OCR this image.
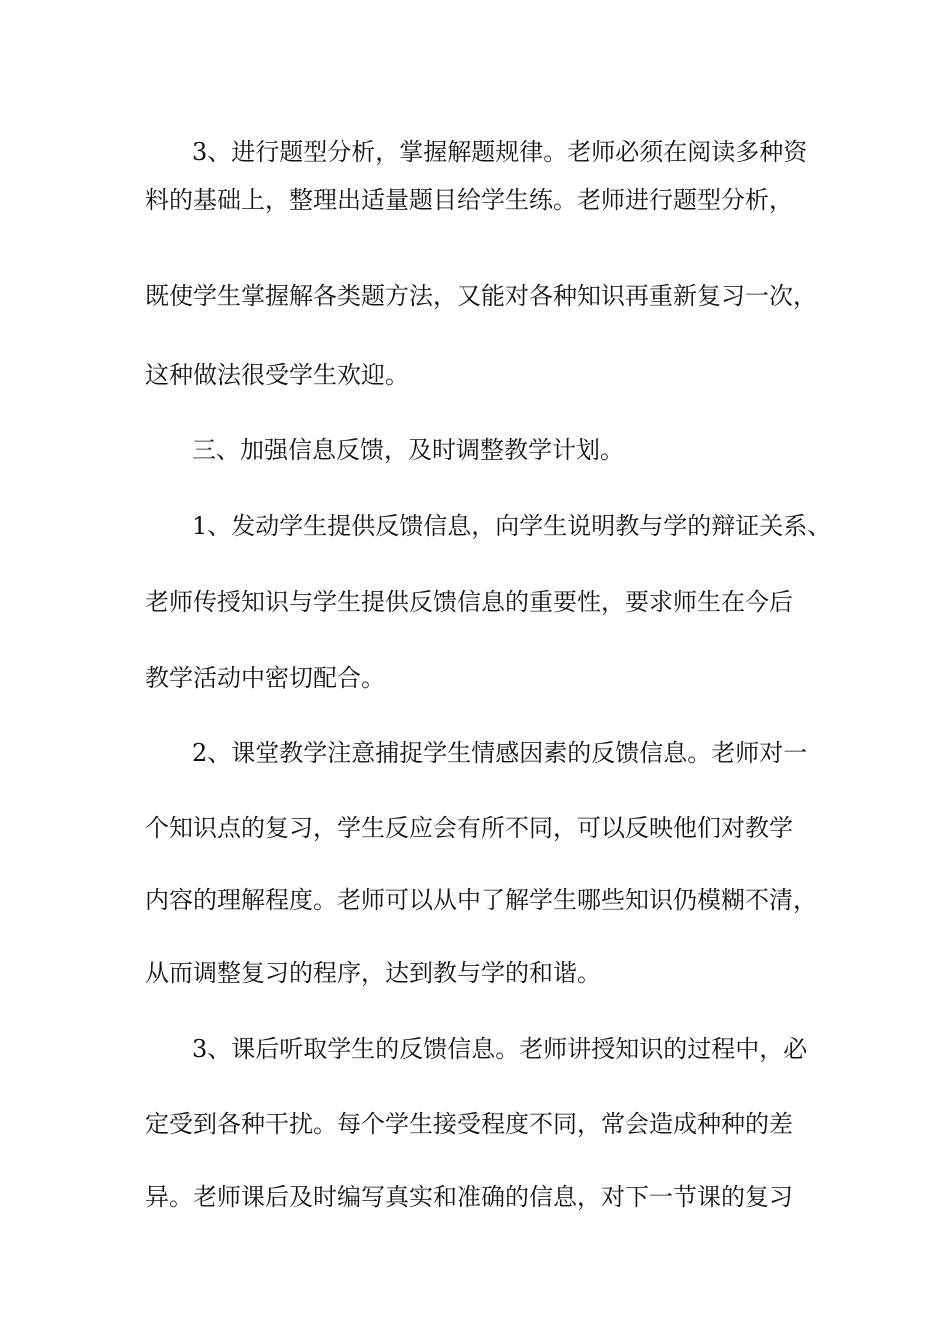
3、进行题型分析，掌握解题规律。老师必须在阅读多种资
料的基础上，整理出适量题目给学生练。老师进行题型分析，
既使学生掌握解各类题方法，又能对各种知识再重新复习一次，
这种做法很受学生欢迎。
三、加强信息反馈，及时调整教学计划。
1、发动学生提供反馈信息，向学生说明教与学的辩证关系、
老师传授知识与学生提供反馈信息的重要性，要求师生在今后
教学活动中密切配合。
2、课堂教学注意捕捉学生情感因素的反馈信息。老师对一
个知识点的复习，学生反应会有所不同，可以反映他们对教学
内容的理解程度。老师可以从中了解学生哪些知识仍模糊不清，
从而调整复习的程序，达到教与学的和谐。
3、课后听取学生的反馈信息。老师讲授知识的过程中，必
定受到各种干扰。每个学生接受程度不同，常会造成种种的差
异。老师课后及时编写真实和准确的信息，对下一节课的复习
